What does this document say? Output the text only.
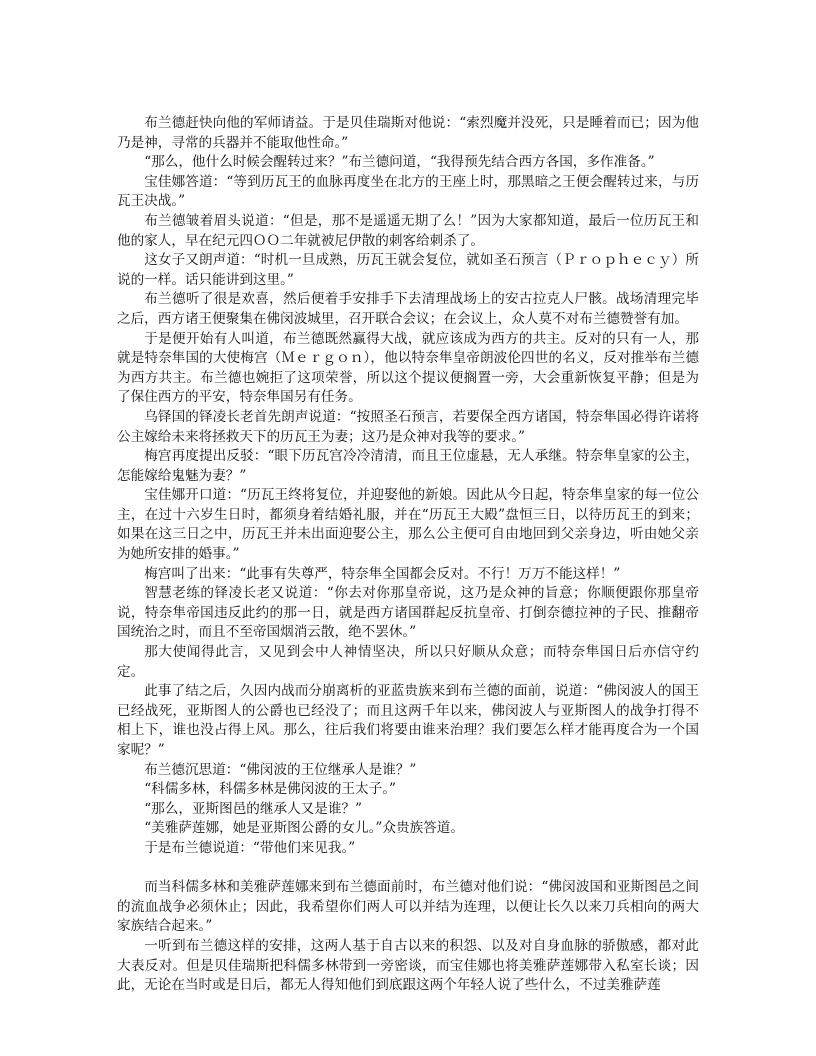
布兰德赶快向他的军师请益。于是贝佳瑞斯对他说：“索烈魔并没死，只是睡着而已；因为他乃是神，寻常的兵器并不能取他性命。”

“那么，他什么时候会醒转过来？”布兰德问道，“我得预先结合西方各国，多作准备。”

宝佳娜答道：“等到历瓦王的血脉再度坐在北方的王座上时，那黑暗之王便会醒转过来，与历瓦王决战。”

布兰德皱着眉头说道：“但是，那不是遥遥无期了么！”因为大家都知道，最后一位历瓦王和他的家人，早在纪元四ＯＯ二年就被尼伊散的刺客给刺杀了。

这女子又朗声道：“时机一旦成熟，历瓦王就会复位，就如圣石预言（Ｐｒｏｐｈｅｃｙ）所说的一样。话只能讲到这里。”

布兰德听了很是欢喜，然后便着手安排手下去清理战场上的安古拉克人尸骸。战场清理完毕之后，西方诸王便聚集在佛闵波城里，召开联合会议；在会议上，众人莫不对布兰德赞誉有加。

于是便开始有人叫道，布兰德既然赢得大战，就应该成为西方的共主。反对的只有一人，那就是特奈隼国的大使梅宫（Ｍｅｒｇｏｎ），他以特奈隼皇帝朗波伦四世的名义，反对推举布兰德为西方共主。布兰德也婉拒了这项荣誉，所以这个提议便搁置一旁，大会重新恢复平静；但是为了保住西方的平安，特奈隼国另有任务。

乌铎国的铎凌长老首先朗声说道：“按照圣石预言，若要保全西方诸国，特奈隼国必得许诺将公主嫁给未来将拯救天下的历瓦王为妻；这乃是众神对我等的要求。”

梅宫再度提出反驳：“眼下历瓦宫冷冷清清，而且王位虚悬，无人承继。特奈隼皇家的公主，怎能嫁给鬼魅为妻？”

宝佳娜开口道：“历瓦王终将复位，并迎娶他的新娘。因此从今日起，特奈隼皇家的每一位公主，在过十六岁生日时，都须身着结婚礼服，并在“历瓦王大殿”盘恒三日，以待历瓦王的到来；如果在这三日之中，历瓦王并未出面迎娶公主，那么公主便可自由地回到父亲身边，听由她父亲为她所安排的婚事。”

梅宫叫了出来：“此事有失尊严，特奈隼全国都会反对。不行！万万不能这样！”

智慧老练的铎凌长老又说道：“你去对你那皇帝说，这乃是众神的旨意；你顺便跟你那皇帝说，特奈隼帝国违反此约的那一日，就是西方诸国群起反抗皇帝、打倒奈德拉神的子民、推翻帝国统治之时，而且不至帝国烟消云散，绝不罢休。”

那大使闻得此言，又见到会中人神情坚决，所以只好顺从众意；而特奈隼国日后亦信守约定。

此事了结之后，久因内战而分崩离析的亚蓝贵族来到布兰德的面前，说道：“佛闵波人的国王已经战死，亚斯图人的公爵也已经没了；而且这两千年以来，佛闵波人与亚斯图人的战争打得不相上下，谁也没占得上风。那么，往后我们将要由谁来治理？我们要怎么样才能再度合为一个国家呢？”

布兰德沉思道：“佛闵波的王位继承人是谁？”

“科儒多林，科儒多林是佛闵波的王太子。”

“那么，亚斯图邑的继承人又是谁？”

“美雅萨莲娜，她是亚斯图公爵的女儿。”众贵族答道。

于是布兰德说道：“带他们来见我。”

而当科儒多林和美雅萨莲娜来到布兰德面前时，布兰德对他们说：“佛闵波国和亚斯图邑之间的流血战争必须休止；因此，我希望你们两人可以并结为连理，以便让长久以来刀兵相向的两大家族结合起来。”

一听到布兰德这样的安排，这两人基于自古以来的积怨、以及对自身血脉的骄傲感，都对此大表反对。但是贝佳瑞斯把科儒多林带到一旁密谈，而宝佳娜也将美雅萨莲娜带入私室长谈；因此，无论在当时或是日后，都无人得知他们到底跟这两个年轻人说了些什么，不过美雅萨莲
